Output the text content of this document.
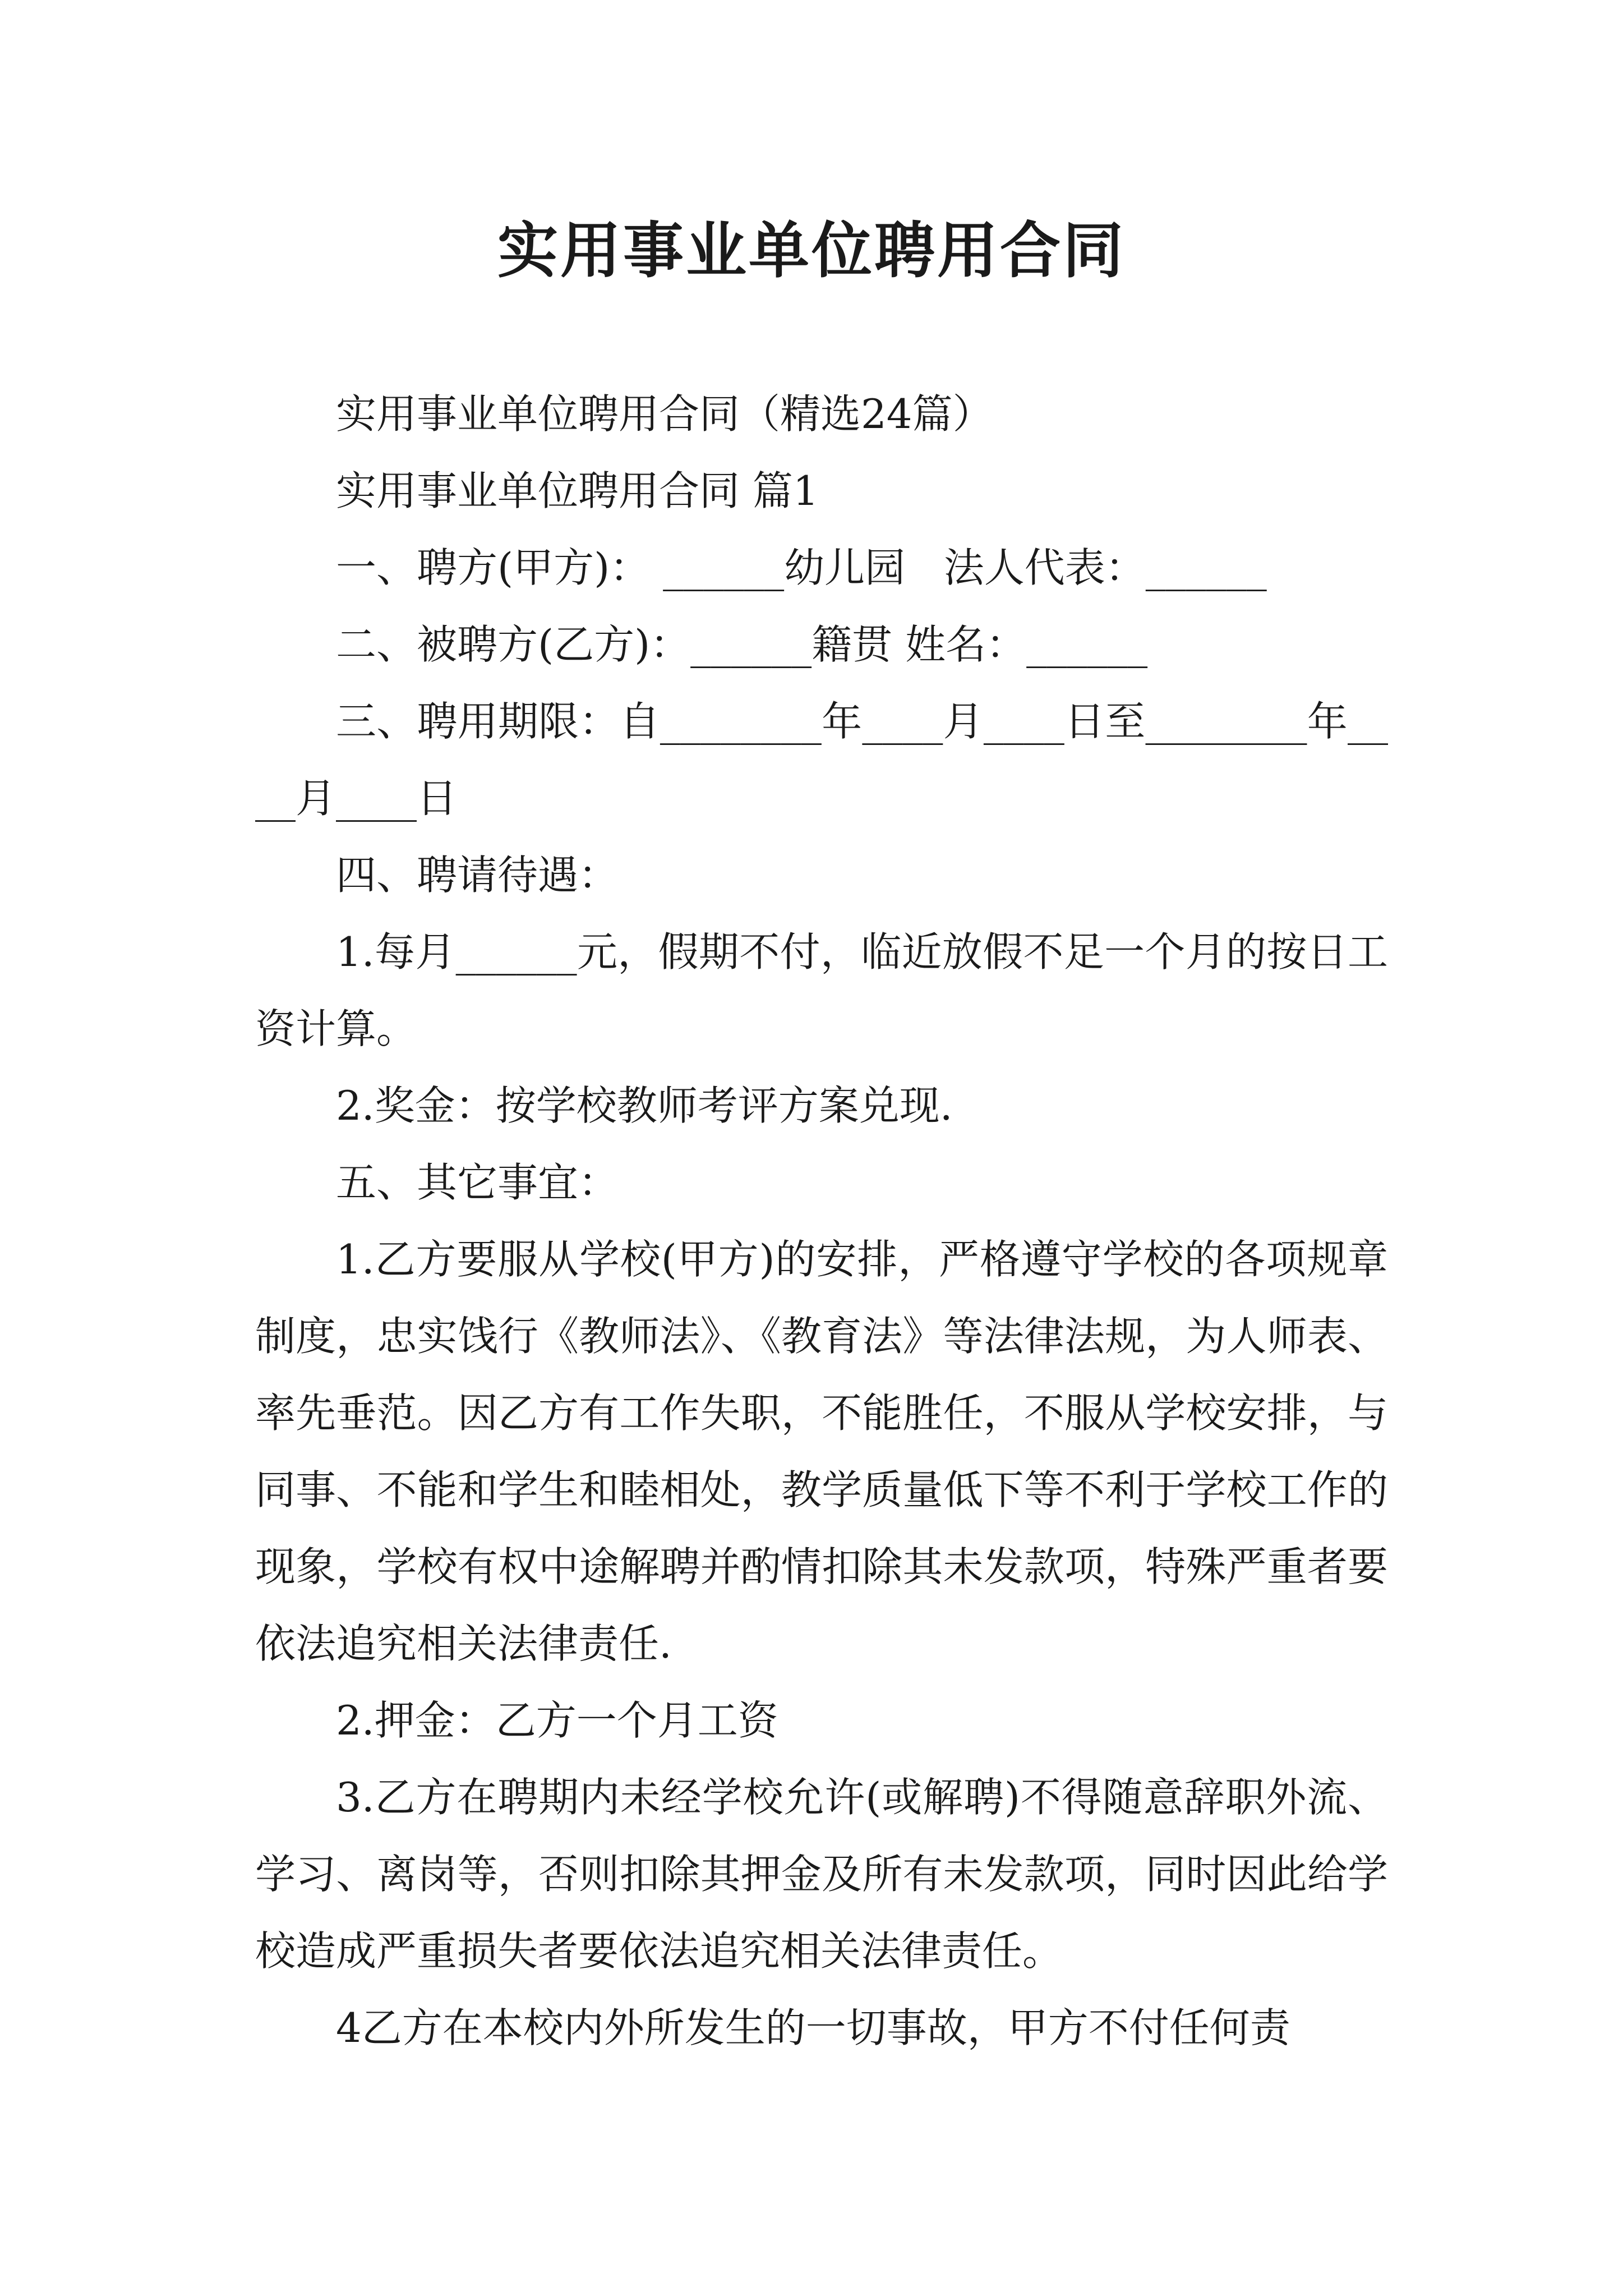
实用事业单位聘用合同

实用事业单位聘用合同（精选24篇）

实用事业单位聘用合同 篇1

一、聘方(甲方)： ______幼儿园   法人代表：______

二、被聘方(乙方)：______籍贯 姓名：______

三、聘用期限：自________年____月____日至________年____月____日

四、聘请待遇：

1.每月______元，假期不付，临近放假不足一个月的按日工资计算。

2.奖金：按学校教师考评方案兑现.

五、其它事宜：

1.乙方要服从学校(甲方)的安排，严格遵守学校的各项规章制度，忠实饯行《教师法》、《教育法》等法律法规，为人师表、率先垂范。因乙方有工作失职，不能胜任，不服从学校安排，与同事、不能和学生和睦相处，教学质量低下等不利于学校工作的现象，学校有权中途解聘并酌情扣除其未发款项，特殊严重者要依法追究相关法律责任.

2.押金：乙方一个月工资

3.乙方在聘期内未经学校允许(或解聘)不得随意辞职外流、学习、离岗等，否则扣除其押金及所有未发款项，同时因此给学校造成严重损失者要依法追究相关法律责任。

4乙方在本校内外所发生的一切事故，甲方不付任何责
